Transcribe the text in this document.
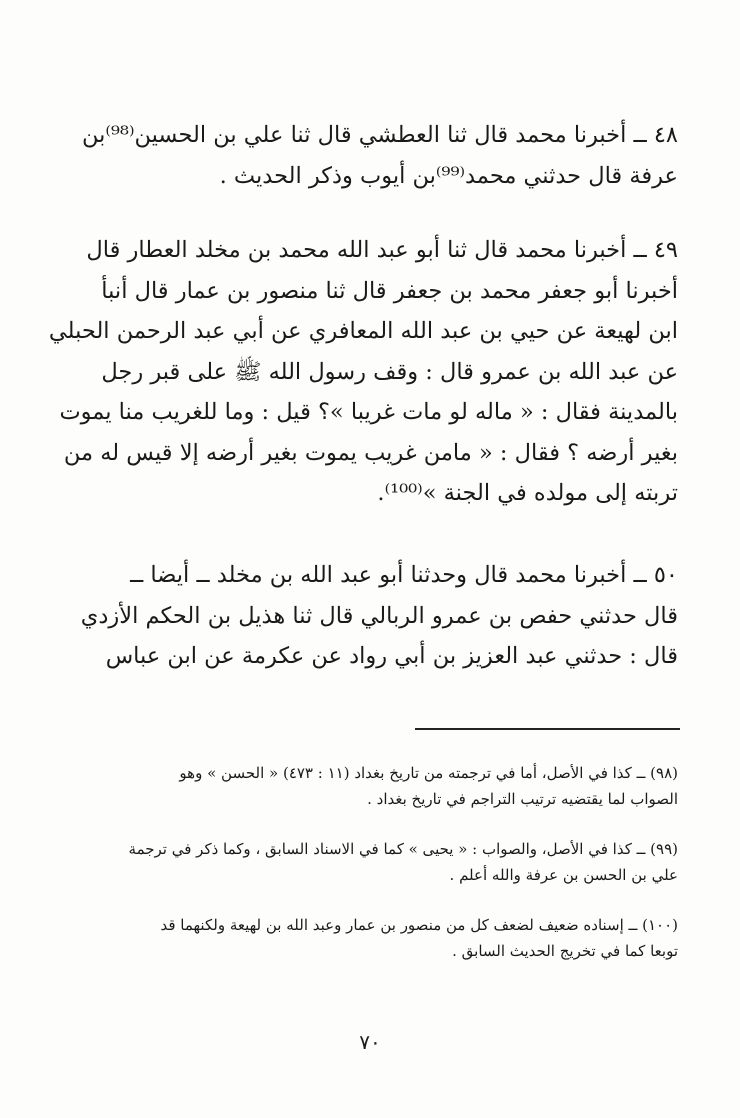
٤٨ ــ أخبرنا محمد قال ثنا العطشي قال ثنا علي بن الحسين⁽⁹⁸⁾بن
عرفة قال حدثني محمد⁽⁹⁹⁾بن أيوب وذكر الحديث .
٤٩ ــ أخبرنا محمد قال ثنا أبو عبد الله محمد بن مخلد العطار قال
أخبرنا أبو جعفر محمد بن جعفر قال ثنا منصور بن عمار قال أنبأ
ابن لهيعة عن حيي بن عبد الله المعافري عن أبي عبد الرحمن الحبلي
عن عبد الله بن عمرو قال : وقف رسول الله ﷺ على قبر رجل
بالمدينة فقال : « ماله لو مات غريبا »؟ قيل : وما للغريب منا يموت
بغير أرضه ؟ فقال : « مامن غريب يموت بغير أرضه إلا قيس له من
تربته إلى مولده في الجنة »⁽¹⁰⁰⁾.
٥٠ ــ أخبرنا محمد قال وحدثنا أبو عبد الله بن مخلد ــ أيضا ــ
قال حدثني حفص بن عمرو الربالي قال ثنا هذيل بن الحكم الأزدي
قال : حدثني عبد العزيز بن أبي رواد عن عكرمة عن ابن عباس
(٩٨) ــ كذا في الأصل، أما في ترجمته من تاريخ بغداد (١١ : ٤٧٣) « الحسن » وهو
الصواب لما يقتضيه ترتيب التراجم في تاريخ بغداد .
(٩٩) ــ كذا في الأصل، والصواب : « يحيى » كما في الاسناد السابق ، وكما ذكر في ترجمة
علي بن الحسن بن عرفة والله أعلم .
(١٠٠) ــ إسناده ضعيف لضعف كل من منصور بن عمار وعبد الله بن لهيعة ولكنهما قد
توبعا كما في تخريج الحديث السابق .
٧٠
